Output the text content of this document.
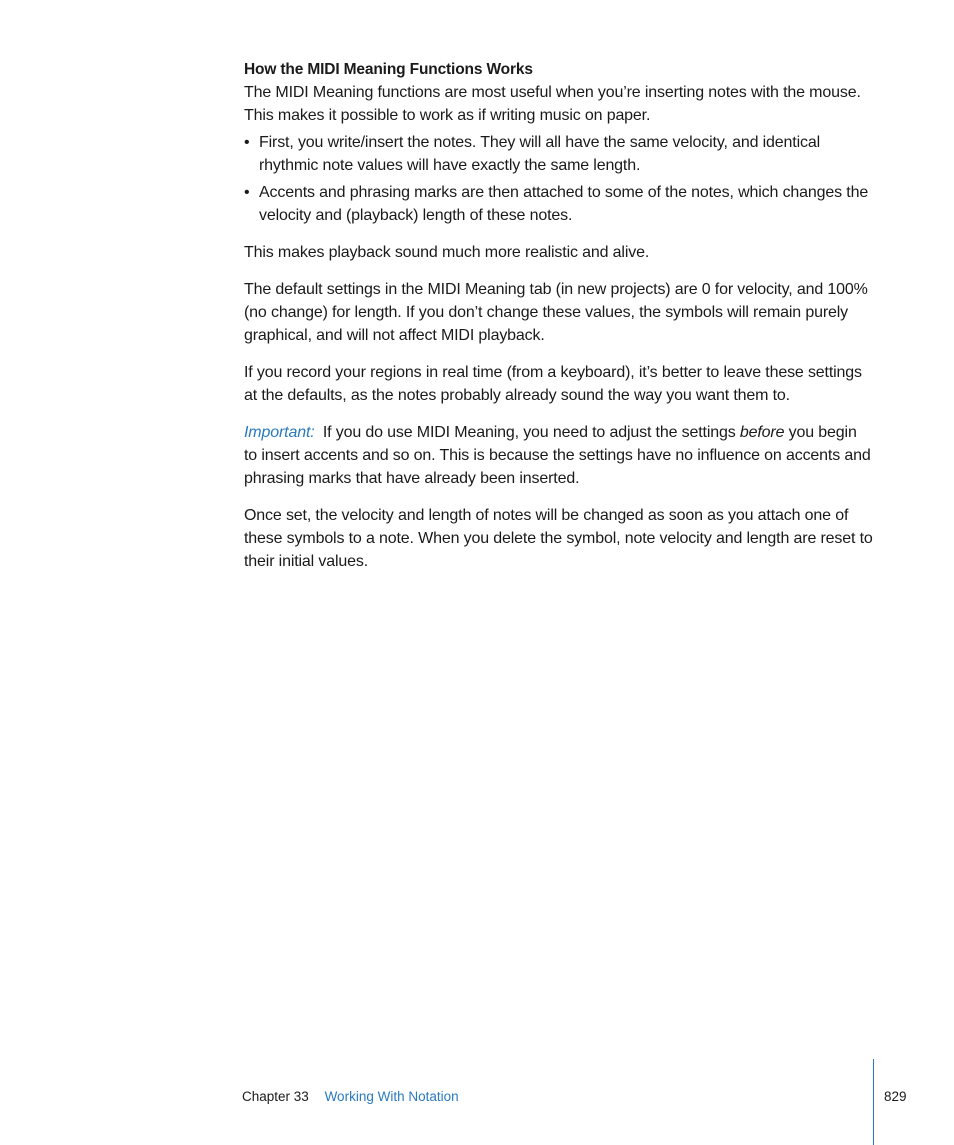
How the MIDI Meaning Functions Works

The MIDI Meaning functions are most useful when you’re inserting notes with the mouse. This makes it possible to work as if writing music on paper.

• First, you write/insert the notes. They will all have the same velocity, and identical rhythmic note values will have exactly the same length.
• Accents and phrasing marks are then attached to some of the notes, which changes the velocity and (playback) length of these notes.

This makes playback sound much more realistic and alive.

The default settings in the MIDI Meaning tab (in new projects) are 0 for velocity, and 100% (no change) for length. If you don’t change these values, the symbols will remain purely graphical, and will not affect MIDI playback.

If you record your regions in real time (from a keyboard), it’s better to leave these settings at the defaults, as the notes probably already sound the way you want them to.

Important: If you do use MIDI Meaning, you need to adjust the settings before you begin to insert accents and so on. This is because the settings have no influence on accents and phrasing marks that have already been inserted.

Once set, the velocity and length of notes will be changed as soon as you attach one of these symbols to a note. When you delete the symbol, note velocity and length are reset to their initial values.

Chapter 33 Working With Notation	829
